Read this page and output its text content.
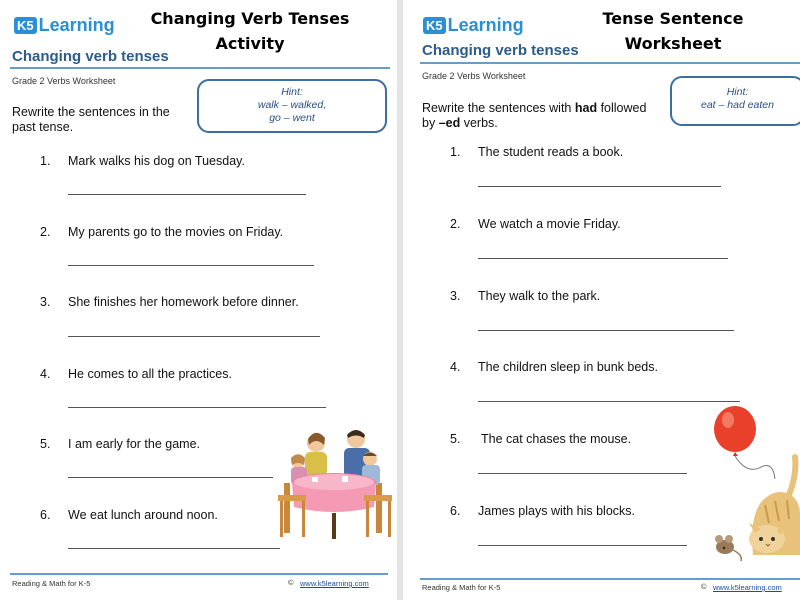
K5 Learning	Changing Verb Tenses
Activity
Changing verb tenses
Grade 2 Verbs Worksheet
Rewrite the sentences in the
past tense.
Hint:
walk – walked,
go – went
1. Mark walks his dog on Tuesday.
2. My parents go to the movies on Friday.
3. She finishes her homework before dinner.
4. He comes to all the practices.
5. I am early for the game.
6. We eat lunch around noon.
Reading & Math for K-5	© www.k5learning.com
K5 Learning	Tense Sentence
Worksheet
Changing verb tenses
Grade 2 Verbs Worksheet
Rewrite the sentences with had followed
by –ed verbs.
Hint:
eat – had eaten
1. The student reads a book.
2. We watch a movie Friday.
3. They walk to the park.
4. The children sleep in bunk beds.
5. The cat chases the mouse.
6. James plays with his blocks.
Reading & Math for K-5	© www.k5learning.com
